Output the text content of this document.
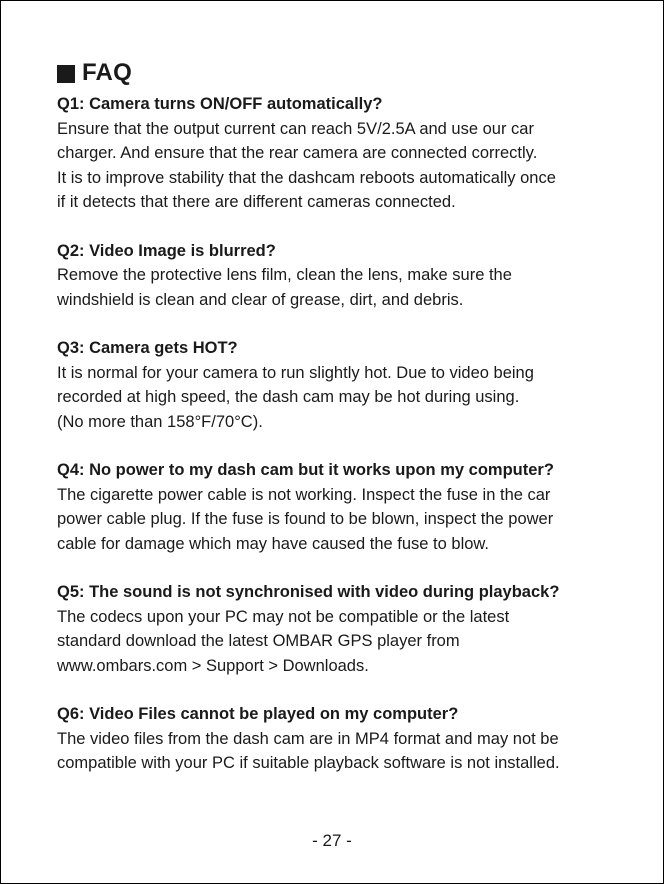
FAQ
Q1: Camera turns ON/OFF automatically?
Ensure that the output current can reach 5V/2.5A and use our car
charger. And ensure that the rear camera are connected correctly.
It is to improve stability that the dashcam reboots automatically once
if it detects that there are different cameras connected.
Q2: Video Image is blurred?
Remove the protective lens film, clean the lens, make sure the
windshield is clean and clear of grease, dirt, and debris.
Q3: Camera gets HOT?
It is normal for your camera to run slightly hot. Due to video being
recorded at high speed, the dash cam may be hot during using.
(No more than 158°F/70°C).
Q4: No power to my dash cam but it works upon my computer?
The cigarette power cable is not working. Inspect the fuse in the car
power cable plug. If the fuse is found to be blown, inspect the power
cable for damage which may have caused the fuse to blow.
Q5: The sound is not synchronised with video during playback?
The codecs upon your PC may not be compatible or the latest
standard download the latest OMBAR GPS player from
www.ombars.com > Support > Downloads.
Q6: Video Files cannot be played on my computer?
The video files from the dash cam are in MP4 format and may not be
compatible with your PC if suitable playback software is not installed.
- 27 -
